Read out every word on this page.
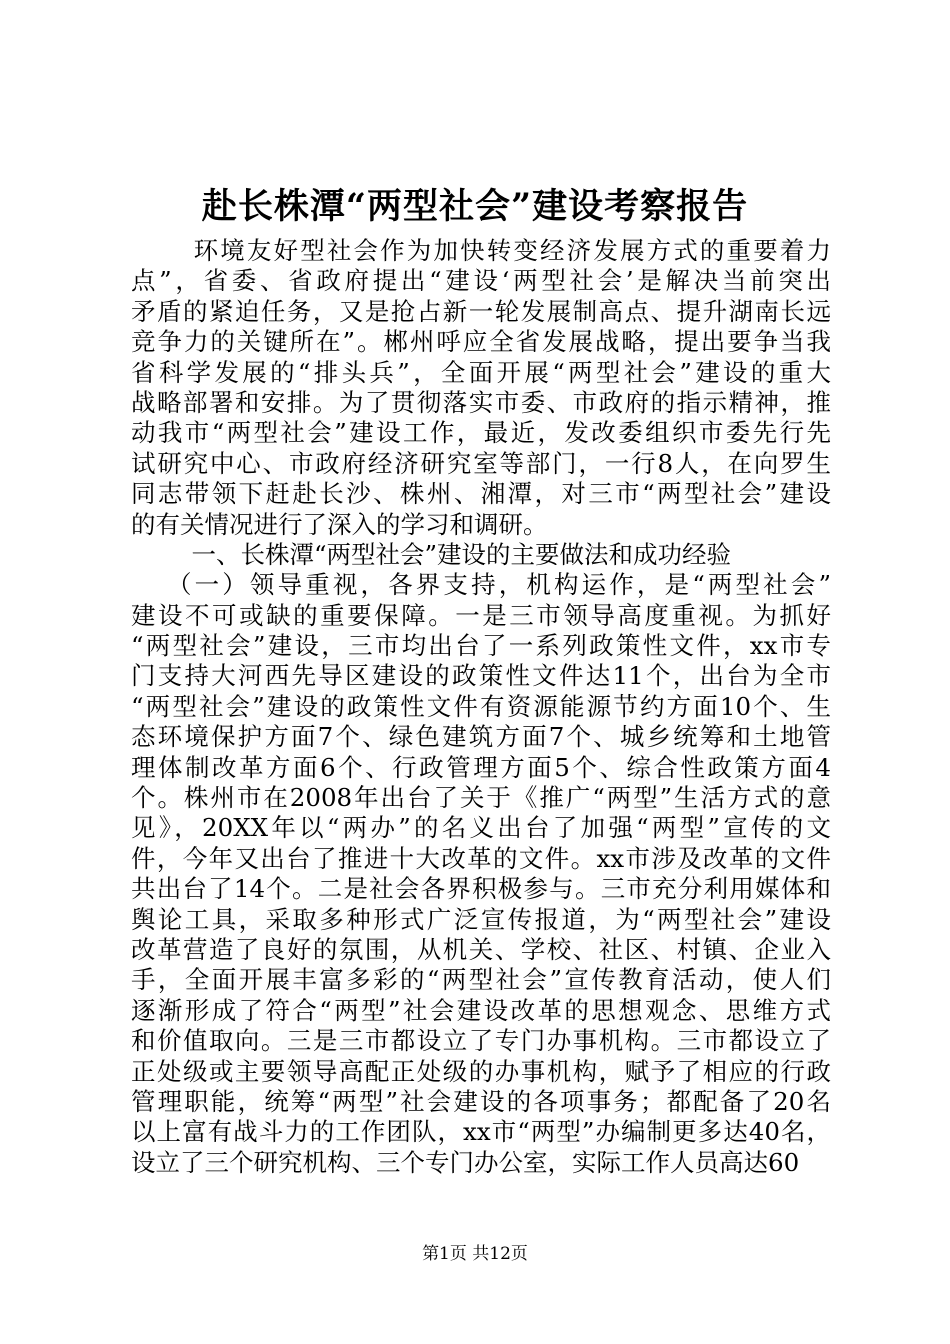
赴长株潭“两型社会”建设考察报告
　环境友好型社会作为加快转变经济发展方式的重要着力
点”，省委、省政府提出“建设‘两型社会’是解决当前突出
矛盾的紧迫任务，又是抢占新一轮发展制高点、提升湖南长远
竞争力的关键所在”。郴州呼应全省发展战略，提出要争当我
省科学发展的“排头兵”，全面开展“两型社会”建设的重大
战略部署和安排。为了贯彻落实市委、市政府的指示精神，推
动我市“两型社会”建设工作，最近，发改委组织市委先行先
试研究中心、市政府经济研究室等部门，一行8人，在向罗生
同志带领下赶赴长沙、株州、湘潭，对三市“两型社会”建设
的有关情况进行了深入的学习和调研。
　一、长株潭“两型社会”建设的主要做法和成功经验
（一）领导重视，各界支持，机构运作，是“两型社会”
建设不可或缺的重要保障。一是三市领导高度重视。为抓好
“两型社会”建设，三市均出台了一系列政策性文件，xx市专
门支持大河西先导区建设的政策性文件达11个，出台为全市
“两型社会”建设的政策性文件有资源能源节约方面10个、生
态环境保护方面7个、绿色建筑方面7个、城乡统筹和土地管
理体制改革方面6个、行政管理方面5个、综合性政策方面4
个。株州市在2008年出台了关于《推广“两型”生活方式的意
见》，20XX年以“两办”的名义出台了加强“两型”宣传的文
件，今年又出台了推进十大改革的文件。xx市涉及改革的文件
共出台了14个。二是社会各界积极参与。三市充分利用媒体和
舆论工具，采取多种形式广泛宣传报道，为“两型社会”建设
改革营造了良好的氛围，从机关、学校、社区、村镇、企业入
手，全面开展丰富多彩的“两型社会”宣传教育活动，使人们
逐渐形成了符合“两型”社会建设改革的思想观念、思维方式
和价值取向。三是三市都设立了专门办事机构。三市都设立了
正处级或主要领导高配正处级的办事机构，赋予了相应的行政
管理职能，统筹“两型”社会建设的各项事务；都配备了20名
以上富有战斗力的工作团队，xx市“两型”办编制更多达40名，
设立了三个研究机构、三个专门办公室，实际工作人员高达60
第1页 共12页
